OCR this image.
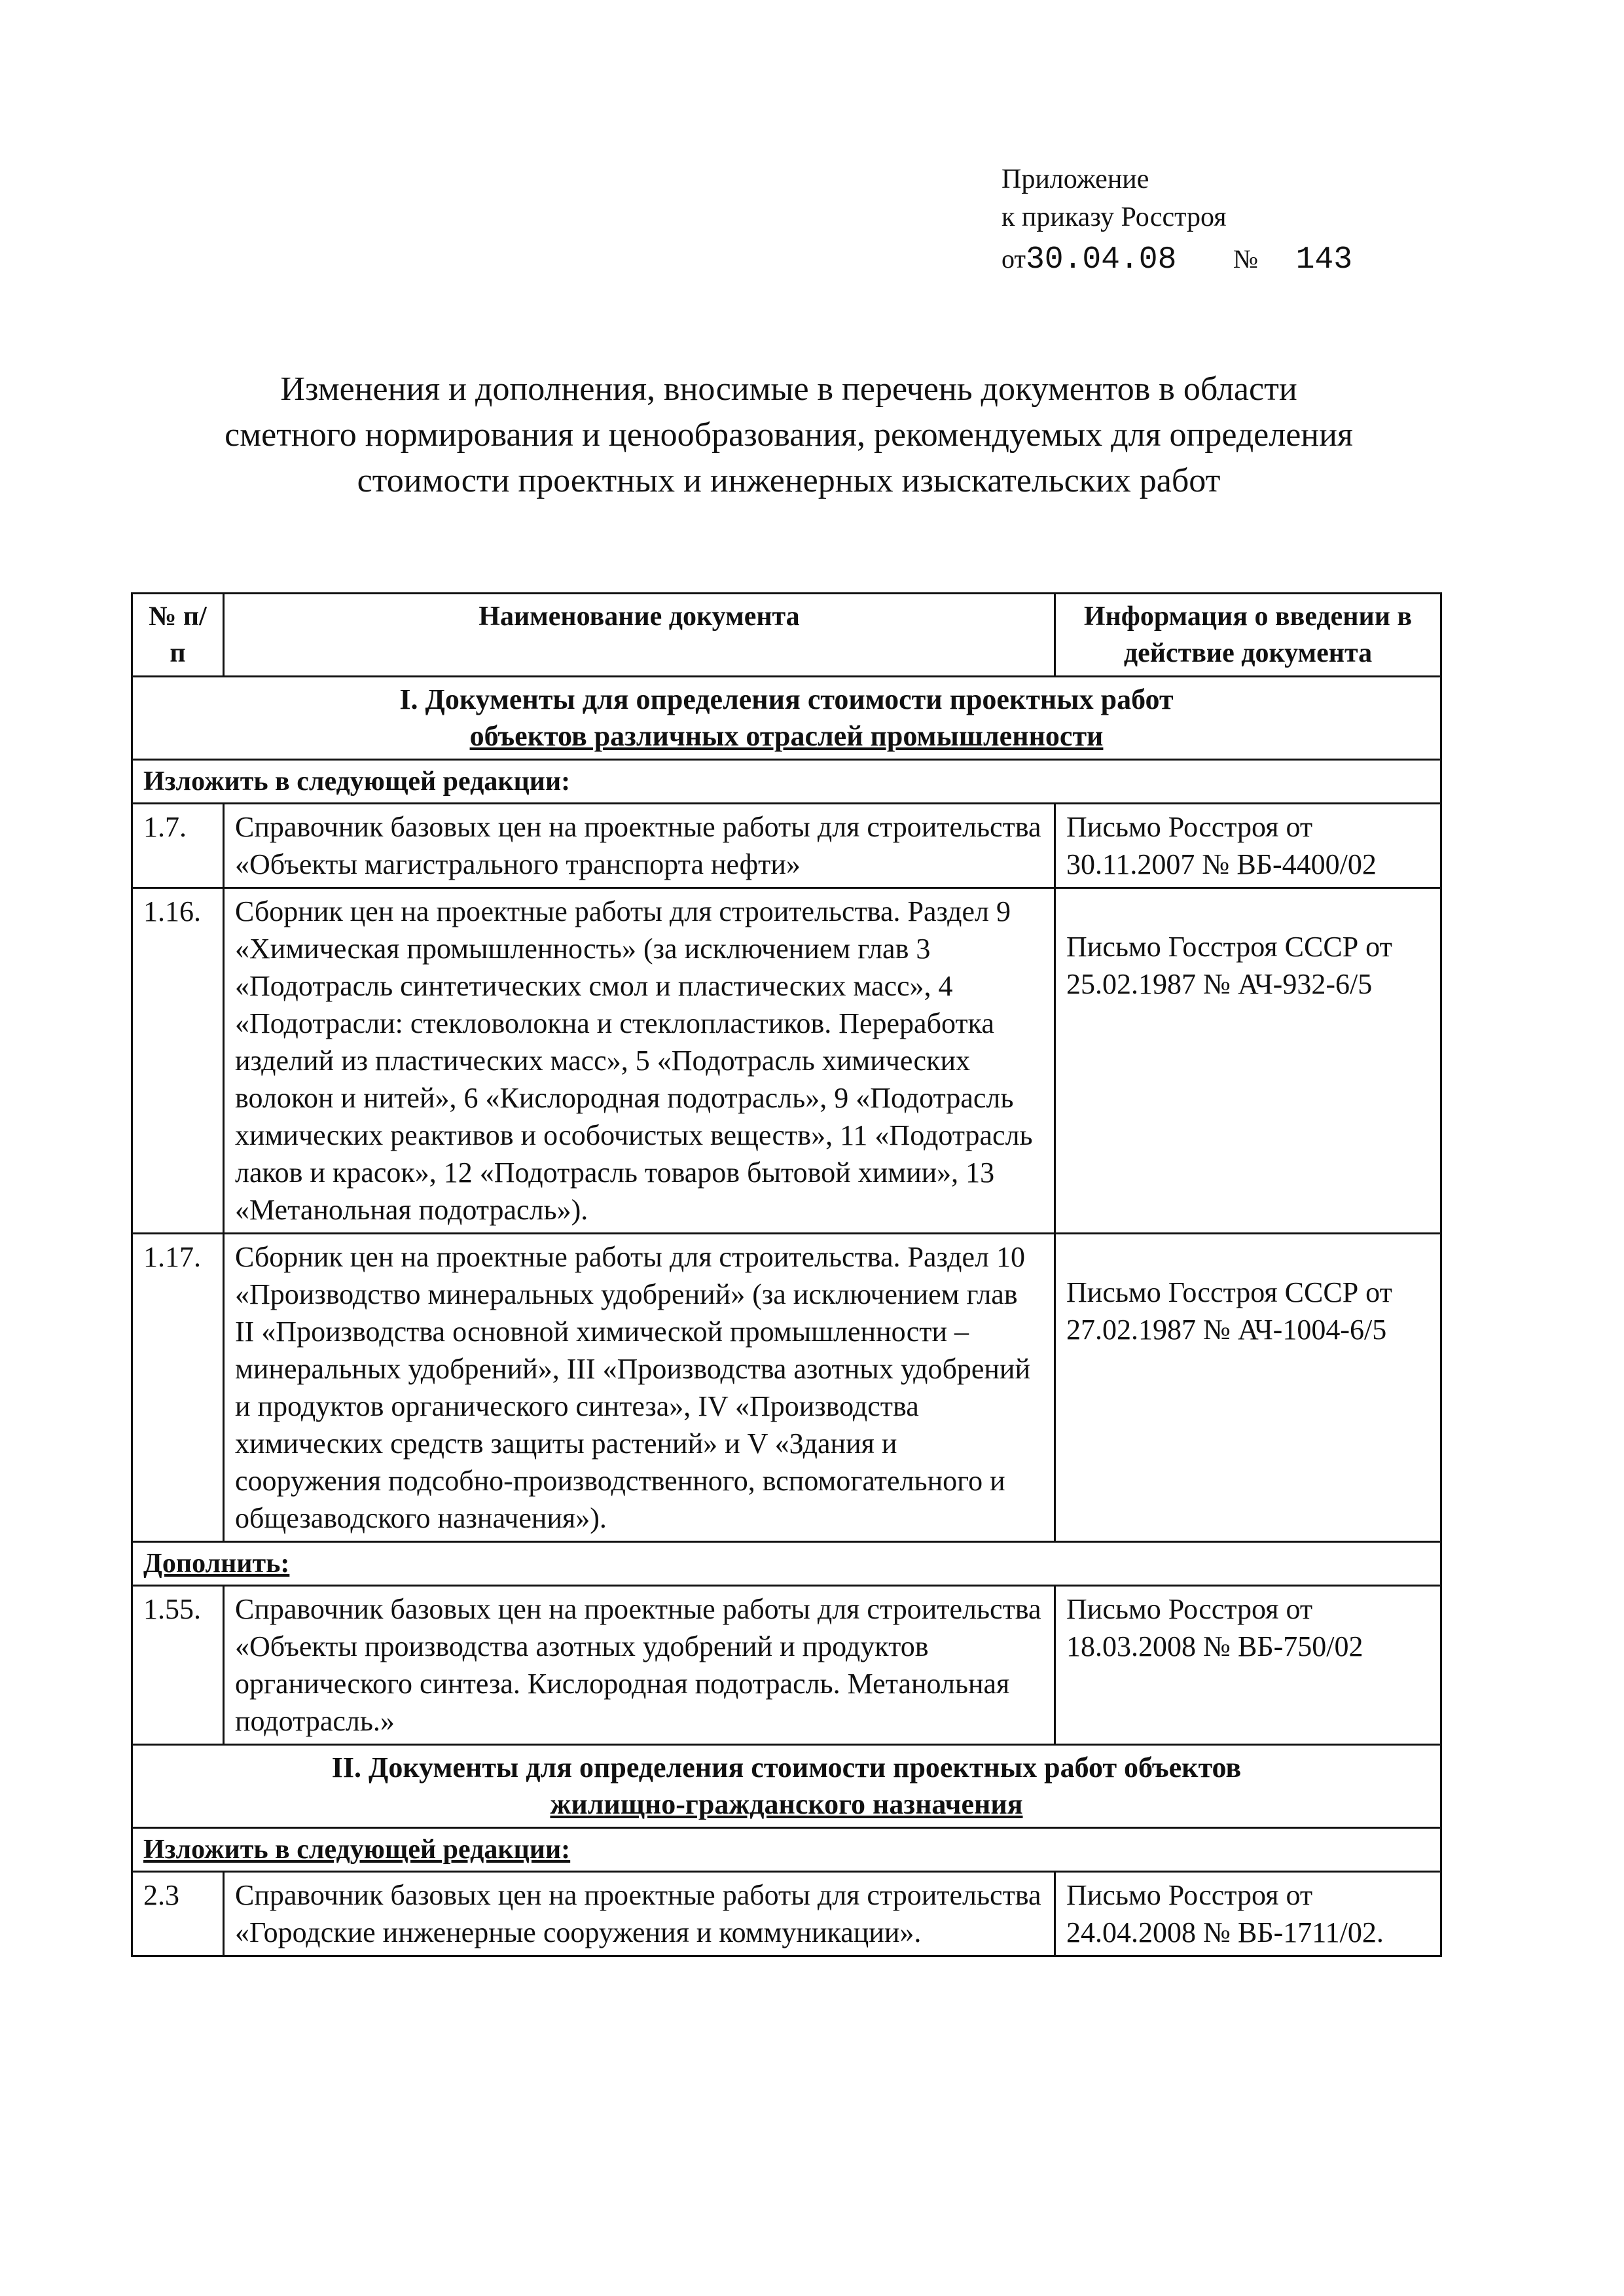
Приложение
к приказу Росстроя
от30.04.08 № 143
Изменения и дополнения, вносимые в перечень документов в области
сметного нормирования и ценообразования, рекомендуемых для определения
стоимости проектных и инженерных изыскательских работ
№ п/п	Наименование документа	Информация о введении в действие документа

I. Документы для определения стоимости проектных работ
объектов различных отраслей промышленности		

Изложить в следующей редакции:		
1.7.	Справочник базовых цен на проектные работы для строительства «Объекты магистрального транспорта нефти»	Письмо Росстроя от 30.11.2007 № ВБ-4400/02
1.16.	Сборник цен на проектные работы для строительства. Раздел 9 «Химическая промышленность» (за исключением глав 3 «Подотрасль синтетических смол и пластических масс», 4 «Подотрасли: стекловолокна и стеклопластиков. Переработка изделий из пластических масс», 5 «Подотрасль химических волокон и нитей», 6 «Кислородная подотрасль», 9 «Подотрасль химических реактивов и особочистых веществ», 11 «Подотрасль лаков и красок», 12 «Подотрасль товаров бытовой химии», 13 «Метанольная подотрасль»).	Письмо Госстроя СССР от 25.02.1987 № АЧ-932-6/5
1.17.	Сборник цен на проектные работы для строительства. Раздел 10 «Производство минеральных удобрений» (за исключением глав II «Производства основной химической промышленности – минеральных удобрений», III «Производства азотных удобрений и продуктов органического синтеза», IV «Производства химических средств защиты растений» и V «Здания и сооружения подсобно-производственного, вспомогательного и общезаводского назначения»).	Письмо Госстроя СССР от 27.02.1987 № АЧ-1004-6/5
Дополнить:		
1.55.	Справочник базовых цен на проектные работы для строительства «Объекты производства азотных удобрений и продуктов органического синтеза. Кислородная подотрасль. Метанольная подотрасль.»	Письмо Росстроя от 18.03.2008 № ВБ-750/02

II. Документы для определения стоимости проектных работ объектов
жилищно-гражданского назначения		

Изложить в следующей редакции:		
2.3	Справочник базовых цен на проектные работы для строительства «Городские инженерные сооружения и коммуникации».	Письмо Росстроя от 24.04.2008 № ВБ-1711/02.
